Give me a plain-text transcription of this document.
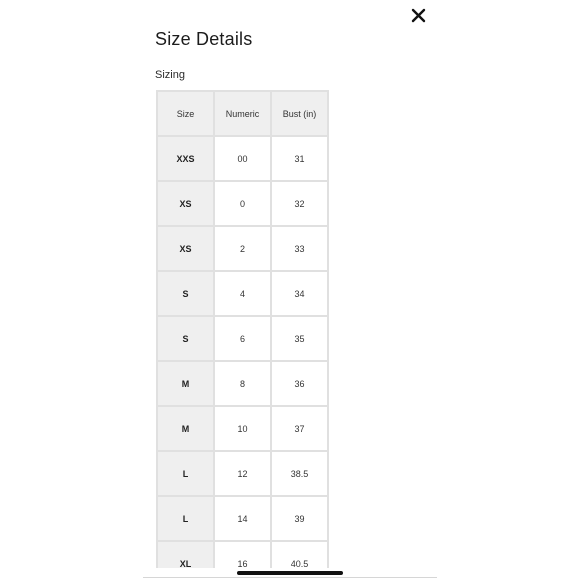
Size Details
Sizing
Size	Numeric	Bust (in)
XXS	00	31
XS	0	32
XS	2	33
S	4	34
S	6	35
M	8	36
M	10	37
L	12	38.5
L	14	39
XL	16	40.5
